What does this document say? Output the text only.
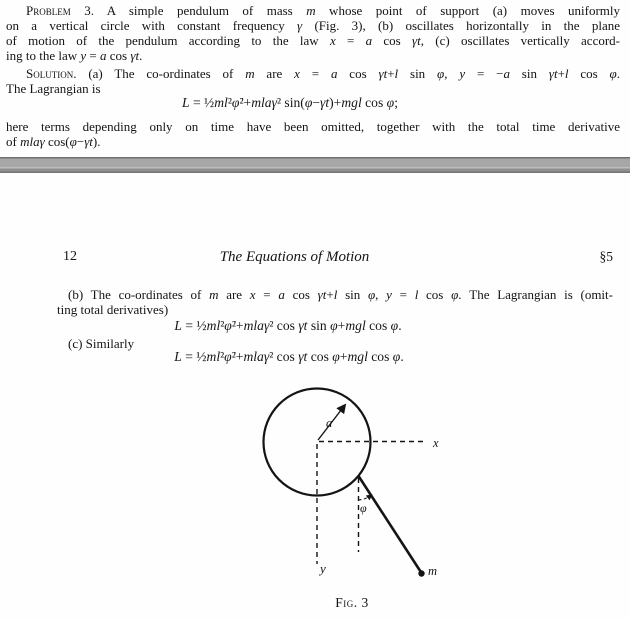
Problem 3. A simple pendulum of mass m whose point of support (a) moves uniformly
on a vertical circle with constant frequency γ (Fig. 3), (b) oscillates horizontally in the plane
of motion of the pendulum according to the law x = a cos γt, (c) oscillates vertically accord-
ing to the law y = a cos γt.
Solution. (a) The co-ordinates of m are x = a cos γt+l sin φ, y = −a sin γt+l cos φ.
The Lagrangian is
L = ½ml²φ̇²+mlaγ² sin(φ−γt)+mgl cos φ;
here terms depending only on time have been omitted, together with the total time derivative
of mlaγ cos(φ−γt).
12	The Equations of Motion	§5
(b) The co-ordinates of m are x = a cos γt+l sin φ, y = l cos φ. The Lagrangian is (omit-
ting total derivatives)
L = ½ml²φ̇²+mlaγ² cos γt sin φ+mgl cos φ.
(c) Similarly
L = ½ml²φ̇²+mlaγ² cos γt cos φ+mgl cos φ.
a
x
y
φ
m
Fig. 3
